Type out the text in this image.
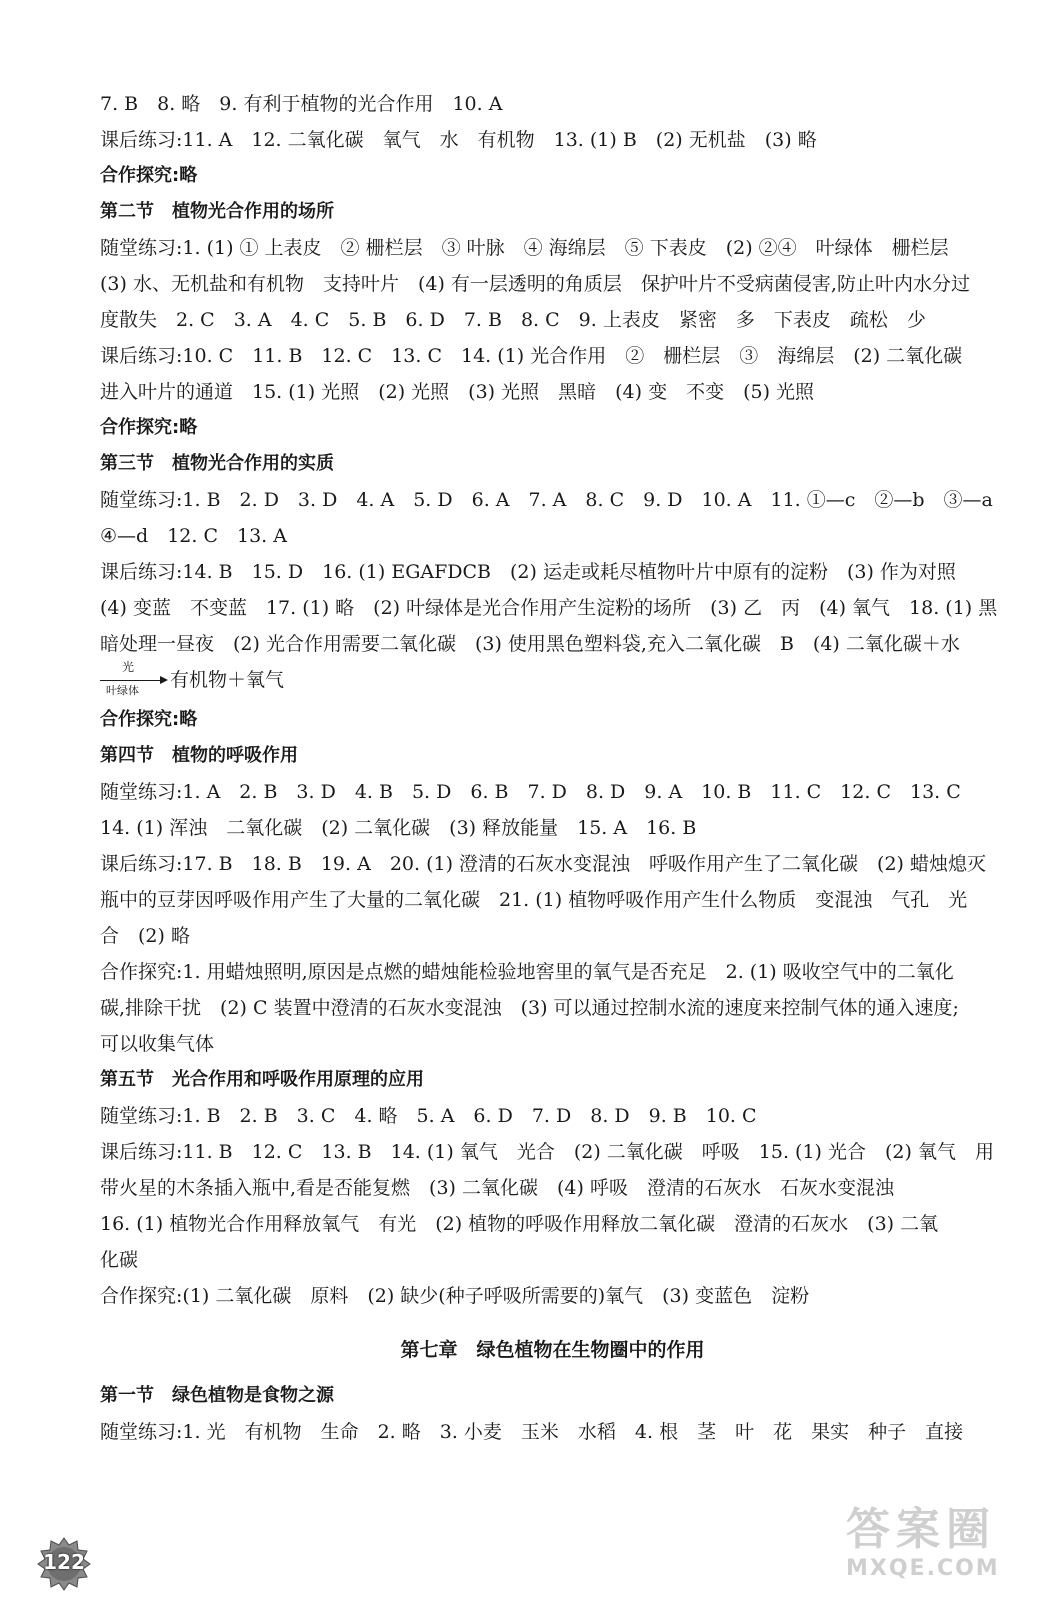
7. B　8. 略　9. 有利于植物的光合作用　10. A
课后练习:11. A　12. 二氧化碳　氧气　水　有机物　13. (1) B　(2) 无机盐　(3) 略
合作探究:略
第二节　植物光合作用的场所
随堂练习:1. (1) ① 上表皮　② 栅栏层　③ 叶脉　④ 海绵层　⑤ 下表皮　(2) ②④　叶绿体　栅栏层
(3) 水、无机盐和有机物　支持叶片　(4) 有一层透明的角质层　保护叶片不受病菌侵害,防止叶内水分过
度散失　2. C　3. A　4. C　5. B　6. D　7. B　8. C　9. 上表皮　紧密　多　下表皮　疏松　少
课后练习:10. C　11. B　12. C　13. C　14. (1) 光合作用　②　栅栏层　③　海绵层　(2) 二氧化碳
进入叶片的通道　15. (1) 光照　(2) 光照　(3) 光照　黑暗　(4) 变　不变　(5) 光照
合作探究:略
第三节　植物光合作用的实质
随堂练习:1. B　2. D　3. D　4. A　5. D　6. A　7. A　8. C　9. D　10. A　11. ①—c　②—b　③—a
④—d　12. C　13. A
课后练习:14. B　15. D　16. (1) EGAFDCB　(2) 运走或耗尽植物叶片中原有的淀粉　(3) 作为对照
(4) 变蓝　不变蓝　17. (1) 略　(2) 叶绿体是光合作用产生淀粉的场所　(3) 乙　丙　(4) 氧气　18. (1) 黑
暗处理一昼夜　(2) 光合作用需要二氧化碳　(3) 使用黑色塑料袋,充入二氧化碳　B　(4) 二氧化碳＋水
光
叶绿体 有机物＋氧气
合作探究:略
第四节　植物的呼吸作用
随堂练习:1. A　2. B　3. D　4. B　5. D　6. B　7. D　8. D　9. A　10. B　11. C　12. C　13. C
14. (1) 浑浊　二氧化碳　(2) 二氧化碳　(3) 释放能量　15. A　16. B
课后练习:17. B　18. B　19. A　20. (1) 澄清的石灰水变混浊　呼吸作用产生了二氧化碳　(2) 蜡烛熄灭
瓶中的豆芽因呼吸作用产生了大量的二氧化碳　21. (1) 植物呼吸作用产生什么物质　变混浊　气孔　光
合　(2) 略
合作探究:1. 用蜡烛照明,原因是点燃的蜡烛能检验地窖里的氧气是否充足　2. (1) 吸收空气中的二氧化
碳,排除干扰　(2) C 装置中澄清的石灰水变混浊　(3) 可以通过控制水流的速度来控制气体的通入速度;
可以收集气体
第五节　光合作用和呼吸作用原理的应用
随堂练习:1. B　2. B　3. C　4. 略　5. A　6. D　7. D　8. D　9. B　10. C
课后练习:11. B　12. C　13. B　14. (1) 氧气　光合　(2) 二氧化碳　呼吸　15. (1) 光合　(2) 氧气　用
带火星的木条插入瓶中,看是否能复燃　(3) 二氧化碳　(4) 呼吸　澄清的石灰水　石灰水变混浊
16. (1) 植物光合作用释放氧气　有光　(2) 植物的呼吸作用释放二氧化碳　澄清的石灰水　(3) 二氧
化碳
合作探究:(1) 二氧化碳　原料　(2) 缺少(种子呼吸所需要的)氧气　(3) 变蓝色　淀粉
第七章　绿色植物在生物圈中的作用
第一节　绿色植物是食物之源
随堂练习:1. 光　有机物　生命　2. 略　3. 小麦　玉米　水稻　4. 根　茎　叶　花　果实　种子　直接
122
答案圈
MXQE.COM
